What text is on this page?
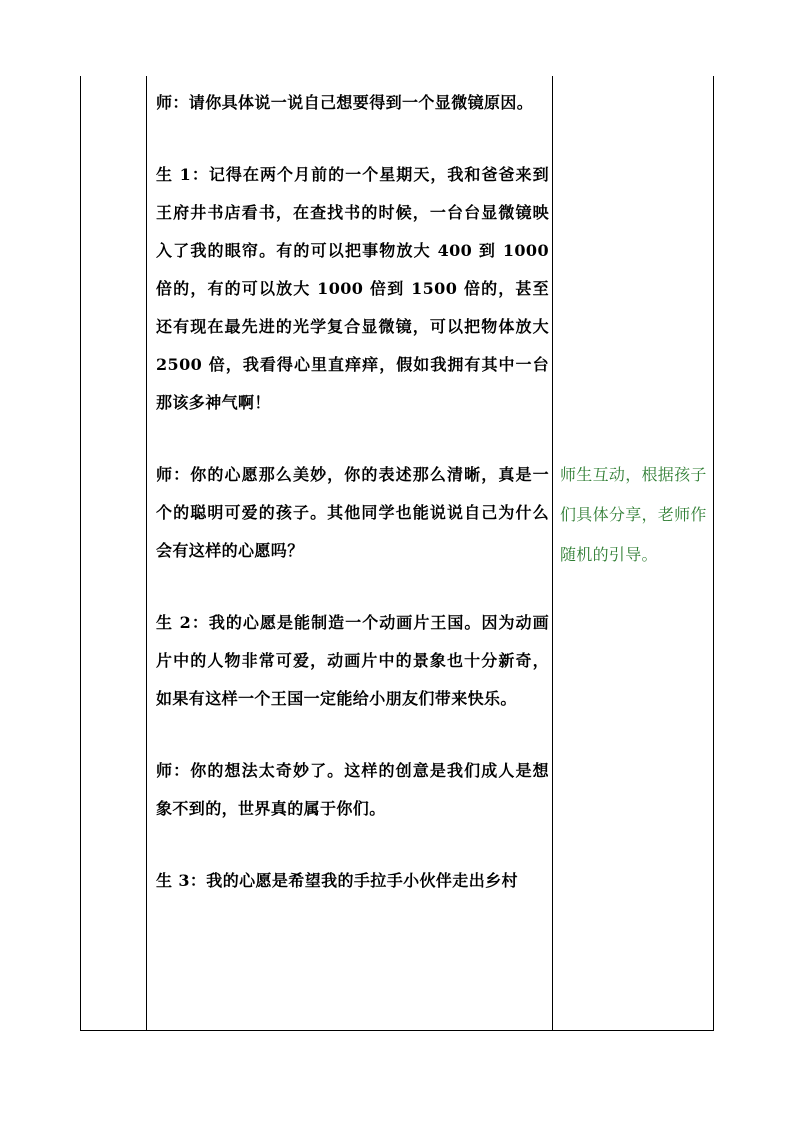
师：请你具体说一说自己想要得到一个显微镜原因。

生 1：记得在两个月前的一个星期天，我和爸爸来到王府井书店看书，在查找书的时候，一台台显微镜映入了我的眼帘。有的可以把事物放大 400 到 1000 倍的，有的可以放大 1000 倍到 1500 倍的，甚至还有现在最先进的光学复合显微镜，可以把物体放大 2500 倍，我看得心里直痒痒，假如我拥有其中一台那该多神气啊！

师：你的心愿那么美妙，你的表述那么清晰，真是一个的聪明可爱的孩子。其他同学也能说说自己为什么会有这样的心愿吗？

生 2：我的心愿是能制造一个动画片王国。因为动画片中的人物非常可爱，动画片中的景象也十分新奇，如果有这样一个王国一定能给小朋友们带来快乐。

师：你的想法太奇妙了。这样的创意是我们成人是想象不到的，世界真的属于你们。

生 3：我的心愿是希望我的手拉手小伙伴走出乡村

师生互动，根据孩子们具体分享，老师作随机的引导。
